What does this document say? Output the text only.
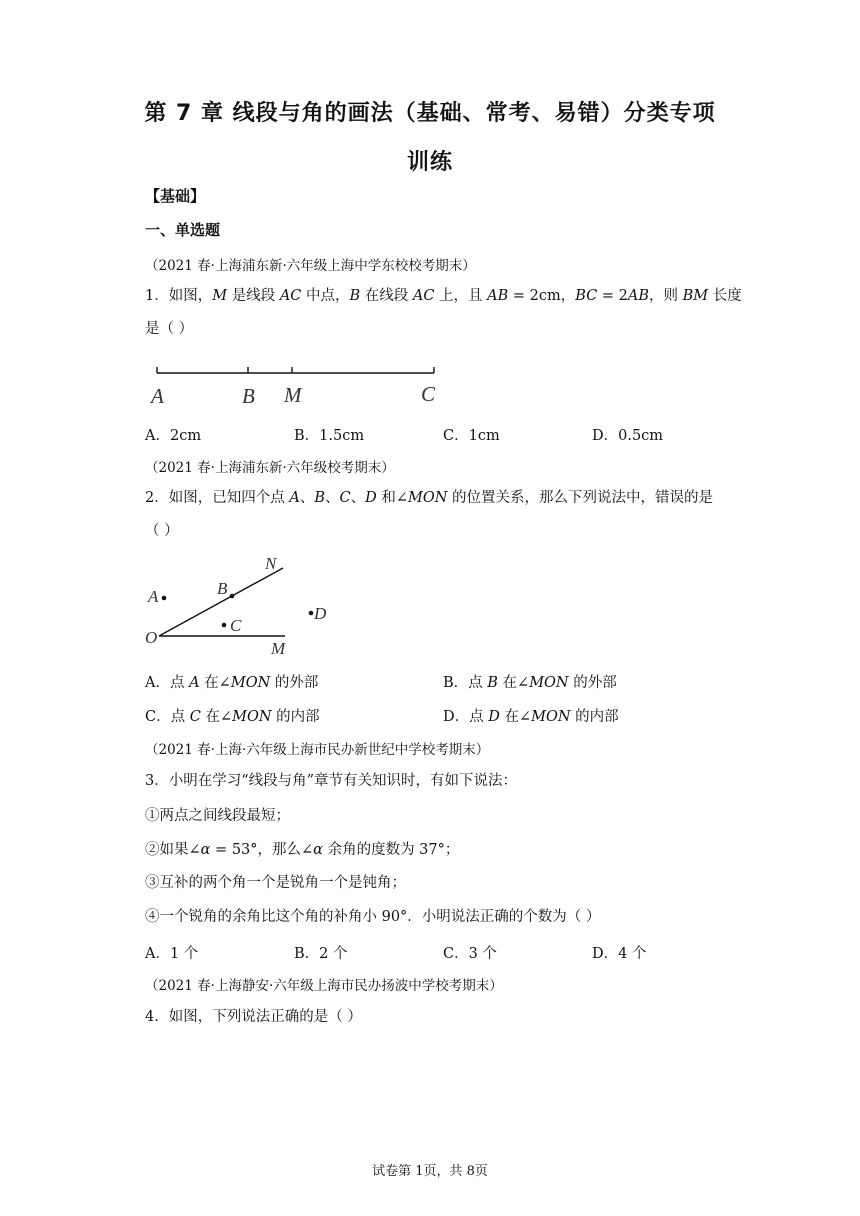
第 7 章 线段与角的画法（基础、常考、易错）分类专项
训练
【基础】
一、单选题
（2021 春·上海浦东新·六年级上海中学东校校考期末）
1．如图，M 是线段 AC 中点，B 在线段 AC 上，且 AB = 2cm，BC = 2AB，则 BM 长度
是（ ）
A	B M	C
A．2cm	B．1.5cm	C．1cm	D．0.5cm
（2021 春·上海浦东新·六年级校考期末）
2．如图，已知四个点 A、B、C、D 和∠MON 的位置关系，那么下列说法中，错误的是
（ ）
N
B
A
D
C
O
M
A．点 A 在∠MON 的外部	B．点 B 在∠MON 的外部
C．点 C 在∠MON 的内部	D．点 D 在∠MON 的内部
（2021 春·上海·六年级上海市民办新世纪中学校考期末）
3．小明在学习“线段与角”章节有关知识时，有如下说法：
①两点之间线段最短；
②如果∠α = 53°，那么∠α 余角的度数为 37°；
③互补的两个角一个是锐角一个是钝角；
④一个锐角的余角比这个角的补角小 90°．小明说法正确的个数为（ ）
A．1 个	B．2 个	C．3 个	D．4 个
（2021 春·上海静安·六年级上海市民办扬波中学校考期末）
4．如图，下列说法正确的是（ ）
试卷第 1页，共 8页
